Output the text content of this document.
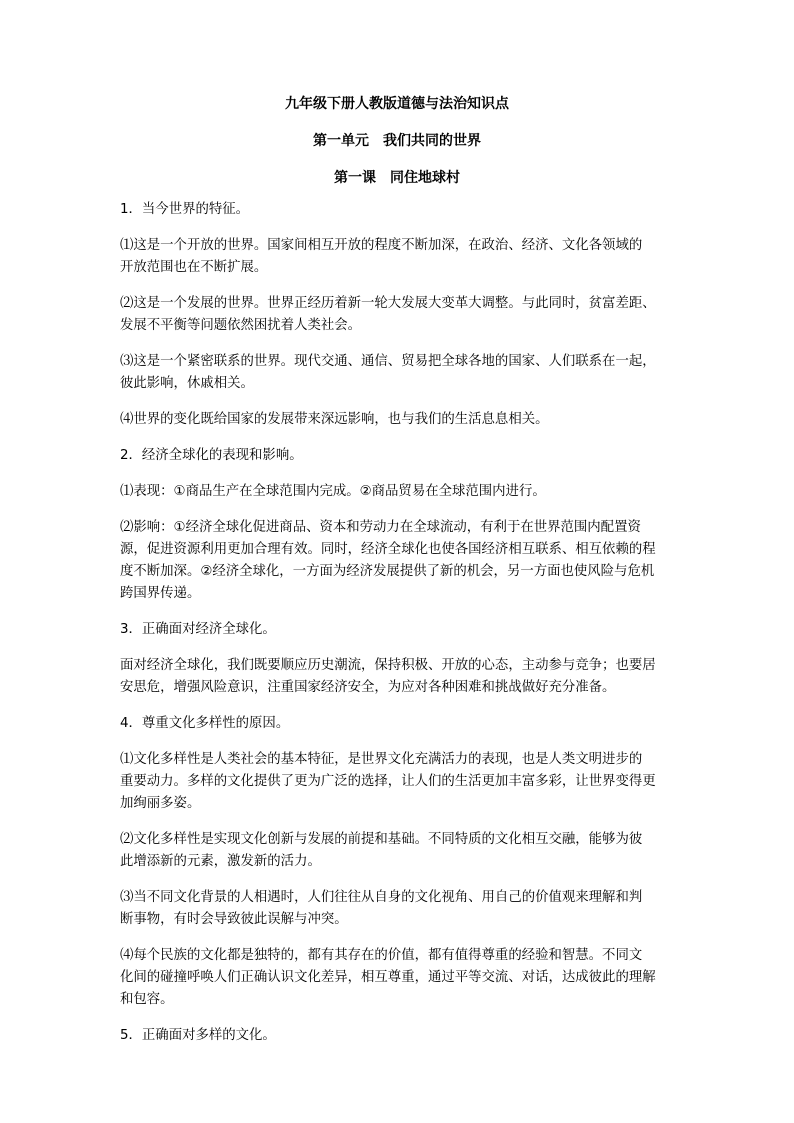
九年级下册人教版道德与法治知识点
第一单元　我们共同的世界
第一课　同住地球村
1．当今世界的特征。
⑴这是一个开放的世界。国家间相互开放的程度不断加深，在政治、经济、文化各领域的
开放范围也在不断扩展。
⑵这是一个发展的世界。世界正经历着新一轮大发展大变革大调整。与此同时，贫富差距、
发展不平衡等问题依然困扰着人类社会。
⑶这是一个紧密联系的世界。现代交通、通信、贸易把全球各地的国家、人们联系在一起，
彼此影响，休戚相关。
⑷世界的变化既给国家的发展带来深远影响，也与我们的生活息息相关。
2．经济全球化的表现和影响。
⑴表现：①商品生产在全球范围内完成。②商品贸易在全球范围内进行。
⑵影响：①经济全球化促进商品、资本和劳动力在全球流动，有利于在世界范围内配置资
源，促进资源利用更加合理有效。同时，经济全球化也使各国经济相互联系、相互依赖的程
度不断加深。②经济全球化，一方面为经济发展提供了新的机会，另一方面也使风险与危机
跨国界传递。
3．正确面对经济全球化。
面对经济全球化，我们既要顺应历史潮流，保持积极、开放的心态，主动参与竞争；也要居
安思危，增强风险意识，注重国家经济安全，为应对各种困难和挑战做好充分准备。
4．尊重文化多样性的原因。
⑴文化多样性是人类社会的基本特征，是世界文化充满活力的表现，也是人类文明进步的
重要动力。多样的文化提供了更为广泛的选择，让人们的生活更加丰富多彩，让世界变得更
加绚丽多姿。
⑵文化多样性是实现文化创新与发展的前提和基础。不同特质的文化相互交融，能够为彼
此增添新的元素，激发新的活力。
⑶当不同文化背景的人相遇时，人们往往从自身的文化视角、用自己的价值观来理解和判
断事物，有时会导致彼此误解与冲突。
⑷每个民族的文化都是独特的，都有其存在的价值，都有值得尊重的经验和智慧。不同文
化间的碰撞呼唤人们正确认识文化差异，相互尊重，通过平等交流、对话，达成彼此的理解
和包容。
5．正确面对多样的文化。
